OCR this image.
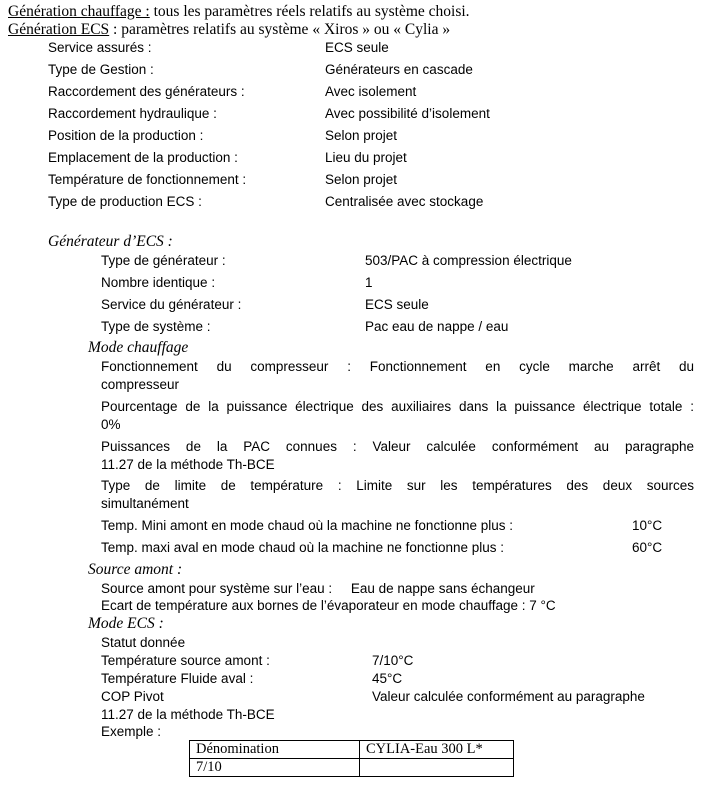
Génération chauffage : tous les paramètres réels relatifs au système choisi.
Génération ECS : paramètres relatifs au système « Xiros » ou « Cylia »
Service assurés :	ECS seule
Type de Gestion :	Générateurs en cascade
Raccordement des générateurs :	Avec isolement
Raccordement hydraulique :	Avec possibilité d’isolement
Position de la production :	Selon projet
Emplacement de la production :	Lieu du projet
Température de fonctionnement :	Selon projet
Type de production ECS :	Centralisée avec stockage
Générateur d’ECS :
Type de générateur :	503/PAC à compression électrique
Nombre identique :	1
Service du générateur :	ECS seule
Type de système :	Pac eau de nappe / eau
Mode chauffage
Fonctionnement du compresseur : Fonctionnement en cycle marche arrêt du
compresseur
Pourcentage de la puissance électrique des auxiliaires dans la puissance électrique totale :
0%
Puissances de la PAC connues : Valeur calculée conformément au paragraphe
11.27 de la méthode Th-BCE
Type de limite de température : Limite sur les températures des deux sources
simultanément
Temp. Mini amont en mode chaud où la machine ne fonctionne plus :	10°C
Temp. maxi aval en mode chaud où la machine ne fonctionne plus :	60°C
Source amont :
Source amont pour système sur l’eau :     Eau de nappe sans échangeur
Ecart de température aux bornes de l’évaporateur en mode chauffage : 7 °C
Mode ECS :
Statut donnée
Température source amont :	7/10°C
Température Fluide aval :	45°C
COP Pivot	Valeur calculée conformément au paragraphe
11.27 de la méthode Th-BCE
Exemple :
Dénomination	CYLIA-Eau 300 L*
7/10	
